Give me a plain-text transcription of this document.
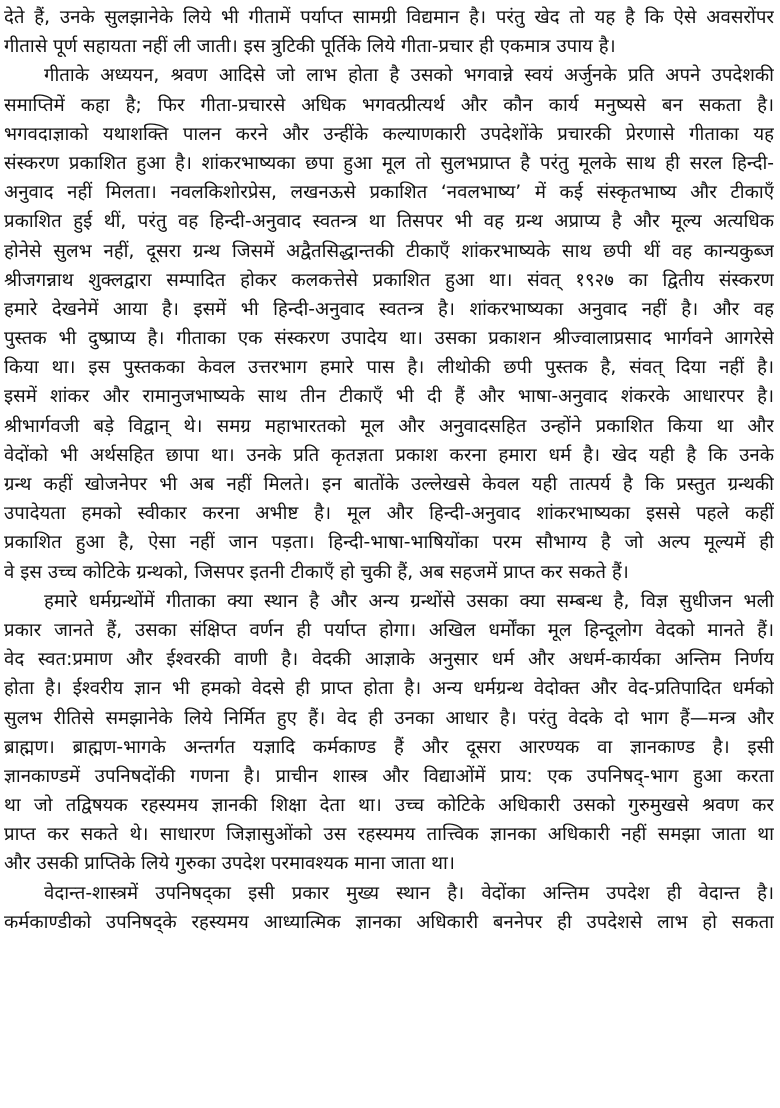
देते हैं, उनके सुलझानेके लिये भी गीतामें पर्याप्त सामग्री विद्यमान है। परंतु खेद तो यह है कि ऐसे अवसरोंपर
गीतासे पूर्ण सहायता नहीं ली जाती। इस त्रुटिकी पूर्तिके लिये गीता-प्रचार ही एकमात्र उपाय है।
गीताके अध्ययन, श्रवण आदिसे जो लाभ होता है उसको भगवान्ने स्वयं अर्जुनके प्रति अपने उपदेशकी
समाप्तिमें कहा है; फिर गीता-प्रचारसे अधिक भगवत्प्रीत्यर्थ और कौन कार्य मनुष्यसे बन सकता है।
भगवदाज्ञाको यथाशक्ति पालन करने और उन्हींके कल्याणकारी उपदेशोंके प्रचारकी प्रेरणासे गीताका यह
संस्करण प्रकाशित हुआ है। शांकरभाष्यका छपा हुआ मूल तो सुलभप्राप्त है परंतु मूलके साथ ही सरल हिन्दी-
अनुवाद नहीं मिलता। नवलकिशोरप्रेस, लखनऊसे प्रकाशित ‘नवलभाष्य’ में कई संस्कृतभाष्य और टीकाएँ
प्रकाशित हुई थीं, परंतु वह हिन्दी-अनुवाद स्वतन्त्र था तिसपर भी वह ग्रन्थ अप्राप्य है और मूल्य अत्यधिक
होनेसे सुलभ नहीं, दूसरा ग्रन्थ जिसमें अद्वैतसिद्धान्तकी टीकाएँ शांकरभाष्यके साथ छपी थीं वह कान्यकुब्ज
श्रीजगन्नाथ शुक्लद्वारा सम्पादित होकर कलकत्तेसे प्रकाशित हुआ था। संवत् १९२७ का द्वितीय संस्करण
हमारे देखनेमें आया है। इसमें भी हिन्दी-अनुवाद स्वतन्त्र है। शांकरभाष्यका अनुवाद नहीं है। और वह
पुस्तक भी दुष्प्राप्य है। गीताका एक संस्करण उपादेय था। उसका प्रकाशन श्रीज्वालाप्रसाद भार्गवने आगरेसे
किया था। इस पुस्तकका केवल उत्तरभाग हमारे पास है। लीथोकी छपी पुस्तक है, संवत् दिया नहीं है।
इसमें शांकर और रामानुजभाष्यके साथ तीन टीकाएँ भी दी हैं और भाषा-अनुवाद शंकरके आधारपर है।
श्रीभार्गवजी बड़े विद्वान् थे। समग्र महाभारतको मूल और अनुवादसहित उन्होंने प्रकाशित किया था और
वेदोंको भी अर्थसहित छापा था। उनके प्रति कृतज्ञता प्रकाश करना हमारा धर्म है। खेद यही है कि उनके
ग्रन्थ कहीं खोजनेपर भी अब नहीं मिलते। इन बातोंके उल्लेखसे केवल यही तात्पर्य है कि प्रस्तुत ग्रन्थकी
उपादेयता हमको स्वीकार करना अभीष्ट है। मूल और हिन्दी-अनुवाद शांकरभाष्यका इससे पहले कहीं
प्रकाशित हुआ है, ऐसा नहीं जान पड़ता। हिन्दी-भाषा-भाषियोंका परम सौभाग्य है जो अल्प मूल्यमें ही
वे इस उच्च कोटिके ग्रन्थको, जिसपर इतनी टीकाएँ हो चुकी हैं, अब सहजमें प्राप्त कर सकते हैं।
हमारे धर्मग्रन्थोंमें गीताका क्या स्थान है और अन्य ग्रन्थोंसे उसका क्या सम्बन्ध है, विज्ञ सुधीजन भली
प्रकार जानते हैं, उसका संक्षिप्त वर्णन ही पर्याप्त होगा। अखिल धर्मोंका मूल हिन्दूलोग वेदको मानते हैं।
वेद स्वत:प्रमाण और ईश्वरकी वाणी है। वेदकी आज्ञाके अनुसार धर्म और अधर्म-कार्यका अन्तिम निर्णय
होता है। ईश्वरीय ज्ञान भी हमको वेदसे ही प्राप्त होता है। अन्य धर्मग्रन्थ वेदोक्त और वेद-प्रतिपादित धर्मको
सुलभ रीतिसे समझानेके लिये निर्मित हुए हैं। वेद ही उनका आधार है। परंतु वेदके दो भाग हैं—मन्त्र और
ब्राह्मण। ब्राह्मण-भागके अन्तर्गत यज्ञादि कर्मकाण्ड हैं और दूसरा आरण्यक वा ज्ञानकाण्ड है। इसी
ज्ञानकाण्डमें उपनिषदोंकी गणना है। प्राचीन शास्त्र और विद्याओंमें प्राय: एक उपनिषद्-भाग हुआ करता
था जो तद्विषयक रहस्यमय ज्ञानकी शिक्षा देता था। उच्च कोटिके अधिकारी उसको गुरुमुखसे श्रवण कर
प्राप्त कर सकते थे। साधारण जिज्ञासुओंको उस रहस्यमय तात्त्विक ज्ञानका अधिकारी नहीं समझा जाता था
और उसकी प्राप्तिके लिये गुरुका उपदेश परमावश्यक माना जाता था।
वेदान्त-शास्त्रमें उपनिषद्का इसी प्रकार मुख्य स्थान है। वेदोंका अन्तिम उपदेश ही वेदान्त है।
कर्मकाण्डीको उपनिषद्के रहस्यमय आध्यात्मिक ज्ञानका अधिकारी बननेपर ही उपदेशसे लाभ हो सकता
